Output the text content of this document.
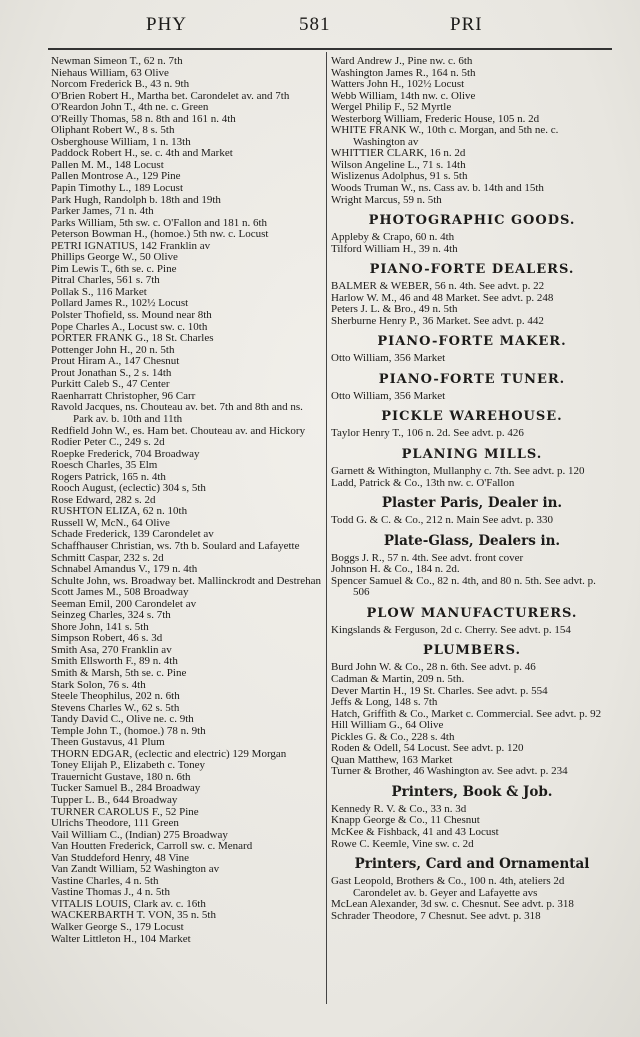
PHY	581	PRI
Newman Simeon T., 62 n. 7th
Niehaus William, 63 Olive
Norcom Frederick B., 43 n. 9th
O'Brien Robert H., Martha bet. Carondelet av. and 7th
O'Reardon John T., 4th ne. c. Green
O'Reilly Thomas, 58 n. 8th and 161 n. 4th
Oliphant Robert W., 8 s. 5th
Osberghouse William, 1 n. 13th
Paddock Robert H., se. c. 4th and Market
Pallen M. M., 148 Locust
Pallen Montrose A., 129 Pine
Papin Timothy L., 189 Locust
Park Hugh, Randolph b. 18th and 19th
Parker James, 71 n. 4th
Parks William, 5th sw. c. O'Fallon and 181 n. 6th
Peterson Bowman H., (homoe.) 5th nw. c. Locust
PETRI IGNATIUS, 142 Franklin av
Phillips George W., 50 Olive
Pim Lewis T., 6th se. c. Pine
Pitral Charles, 561 s. 7th
Pollak S., 116 Market
Pollard James R., 102½ Locust
Polster Thofield, ss. Mound near 8th
Pope Charles A., Locust sw. c. 10th
PORTER FRANK G., 18 St. Charles
Pottenger John H., 20 n. 5th
Prout Hiram A., 147 Chesnut
Prout Jonathan S., 2 s. 14th
Purkitt Caleb S., 47 Center
Raenharratt Christopher, 96 Carr
Ravold Jacques, ns. Chouteau av. bet. 7th and 8th and ns. Park av. b. 10th and 11th
Redfield John W., es. Ham bet. Chouteau av. and Hickory
Rodier Peter C., 249 s. 2d
Roepke Frederick, 704 Broadway
Roesch Charles, 35 Elm
Rogers Patrick, 165 n. 4th
Rooch August, (eclectic) 304 s, 5th
Rose Edward, 282 s. 2d
RUSHTON ELIZA, 62 n. 10th
Russell W, McN., 64 Olive
Schade Frederick, 139 Carondelet av
Schaffhauser Christian, ws. 7th b. Soulard and Lafayette
Schmitt Caspar, 232 s. 2d
Schnabel Amandus V., 179 n. 4th
Schulte John, ws. Broadway bet. Mallinckrodt and Destrehan
Scott James M., 508 Broadway
Seeman Emil, 200 Carondelet av
Seinzeg Charles, 324 s. 7th
Shore John, 141 s. 5th
Simpson Robert, 46 s. 3d
Smith Asa, 270 Franklin av
Smith Ellsworth F., 89 n. 4th
Smith & Marsh, 5th se. c. Pine
Stark Solon, 76 s. 4th
Steele Theophilus, 202 n. 6th
Stevens Charles W., 62 s. 5th
Tandy David C., Olive ne. c. 9th
Temple John T., (homoe.) 78 n. 9th
Theen Gustavus, 41 Plum
THORN EDGAR, (eclectic and electric) 129 Morgan
Toney Elijah P., Elizabeth c. Toney
Trauernicht Gustave, 180 n. 6th
Tucker Samuel B., 284 Broadway
Tupper L. B., 644 Broadway
TURNER CAROLUS F., 52 Pine
Ulrichs Theodore, 111 Green
Vail William C., (Indian) 275 Broadway
Van Houtten Frederick, Carroll sw. c. Menard
Van Studdeford Henry, 48 Vine
Van Zandt William, 52 Washington av
Vastine Charles, 4 n. 5th
Vastine Thomas J., 4 n. 5th
VITALIS LOUIS, Clark av. c. 16th
WACKERBARTH T. VON, 35 n. 5th
Walker George S., 179 Locust
Walter Littleton H., 104 Market
Ward Andrew J., Pine nw. c. 6th
Washington James R., 164 n. 5th
Watters John H., 102½ Locust
Webb William, 14th nw. c. Olive
Wergel Philip F., 52 Myrtle
Westerborg William, Frederic House, 105 n. 2d
WHITE FRANK W., 10th c. Morgan, and 5th ne. c. Washington av
WHITTIER CLARK, 16 n. 2d
Wilson Angeline L., 71 s. 14th
Wislizenus Adolphus, 91 s. 5th
Woods Truman W., ns. Cass av. b. 14th and 15th
Wright Marcus, 59 n. 5th
PHOTOGRAPHIC GOODS.
Appleby & Crapo, 60 n. 4th
Tilford William H., 39 n. 4th
PIANO-FORTE DEALERS.
BALMER & WEBER, 56 n. 4th. See advt. p. 22
Harlow W. M., 46 and 48 Market. See advt. p. 248
Peters J. L. & Bro., 49 n. 5th
Sherburne Henry P., 36 Market. See advt. p. 442
PIANO-FORTE MAKER.
Otto William, 356 Market
PIANO-FORTE TUNER.
Otto William, 356 Market
PICKLE WAREHOUSE.
Taylor Henry T., 106 n. 2d. See advt. p. 426
PLANING MILLS.
Garnett & Withington, Mullanphy c. 7th. See advt. p. 120
Ladd, Patrick & Co., 13th nw. c. O'Fallon
Plaster Paris, Dealer in.
Todd G. & C. & Co., 212 n. Main See advt. p. 330
Plate-Glass, Dealers in.
Boggs J. R., 57 n. 4th. See advt. front cover
Johnson H. & Co., 184 n. 2d.
Spencer Samuel & Co., 82 n. 4th, and 80 n. 5th. See advt. p. 506
PLOW MANUFACTURERS.
Kingslands & Ferguson, 2d c. Cherry. See advt. p. 154
PLUMBERS.
Burd John W. & Co., 28 n. 6th. See advt. p. 46
Cadman & Martin, 209 n. 5th.
Dever Martin H., 19 St. Charles. See advt. p. 554
Jeffs & Long, 148 s. 7th
Hatch, Griffith & Co., Market c. Commercial. See advt. p. 92
Hill William G., 64 Olive
Pickles G. & Co., 228 s. 4th
Roden & Odell, 54 Locust. See advt. p. 120
Quan Matthew, 163 Market
Turner & Brother, 46 Washington av. See advt. p. 234
Printers, Book & Job.
Kennedy R. V. & Co., 33 n. 3d
Knapp George & Co., 11 Chesnut
McKee & Fishback, 41 and 43 Locust
Rowe C. Keemle, Vine sw. c. 2d
Printers, Card and Ornamental
Gast Leopold, Brothers & Co., 100 n. 4th, ateliers 2d Carondelet av. b. Geyer and Lafayette avs
McLean Alexander, 3d sw. c. Chesnut. See advt. p. 318
Schrader Theodore, 7 Chesnut. See advt. p. 318
